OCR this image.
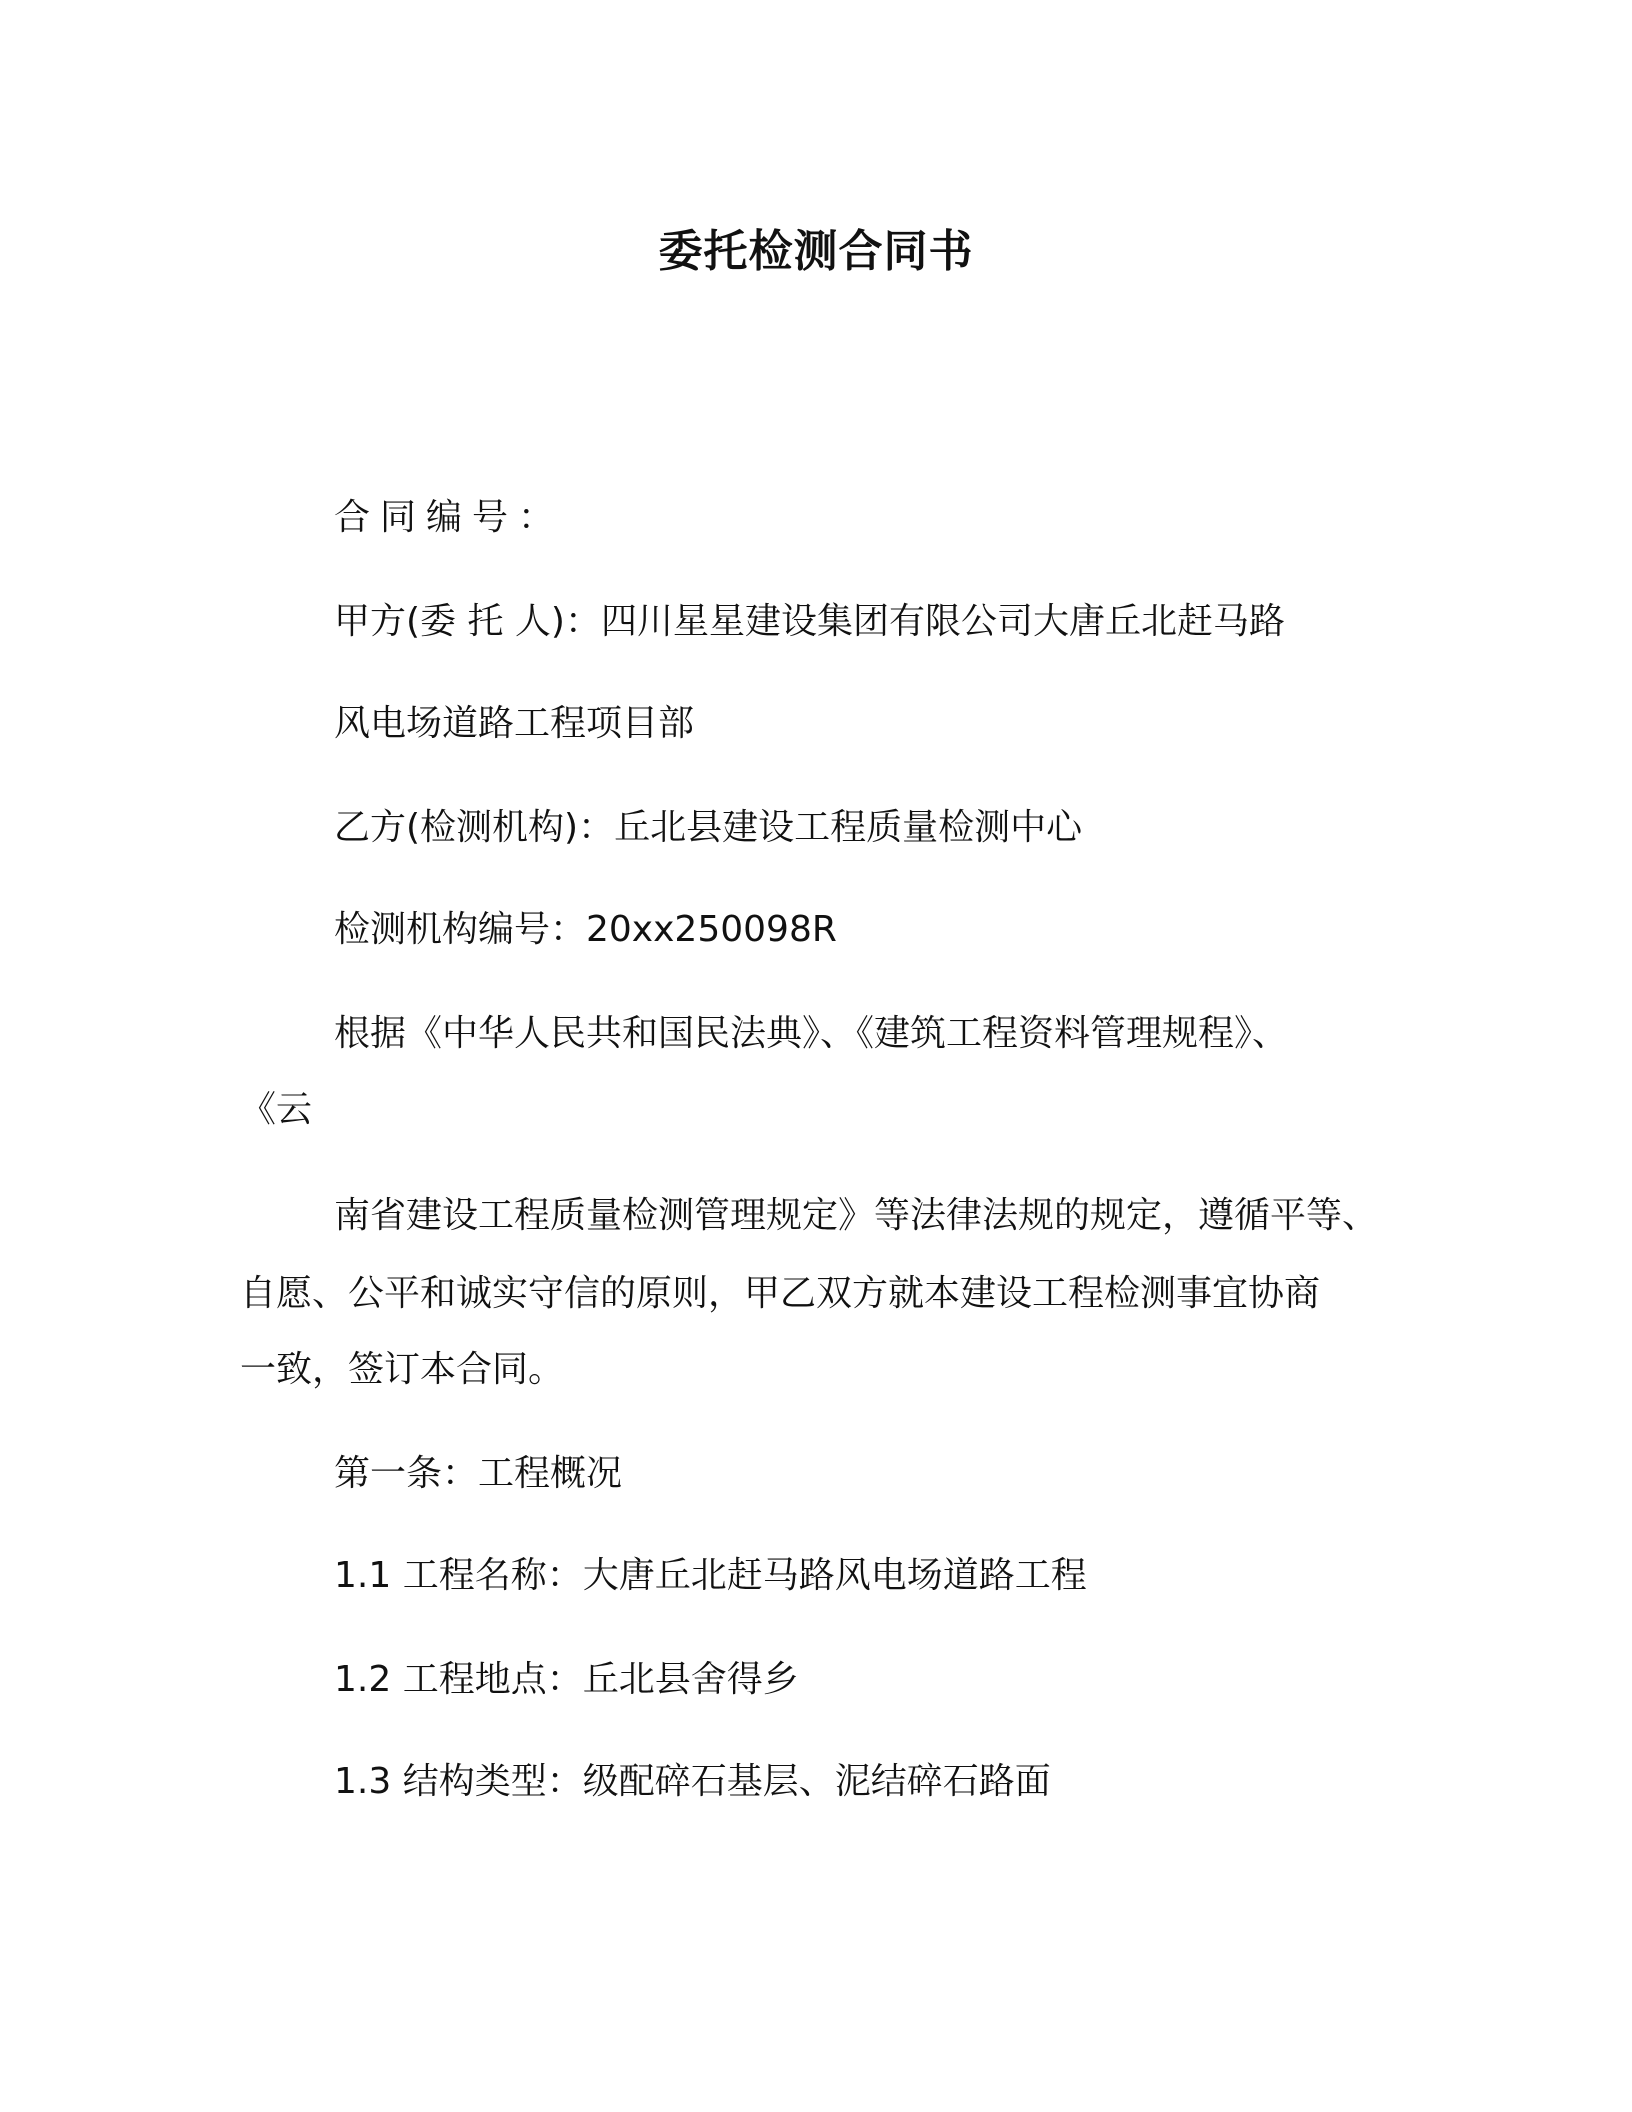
委托检测合同书
合同编号：
甲方(委 托 人)：四川星星建设集团有限公司大唐丘北赶马路
风电场道路工程项目部
乙方(检测机构)：丘北县建设工程质量检测中心
检测机构编号：20xx250098R
根据《中华人民共和国民法典》、《建筑工程资料管理规程》、
《云
南省建设工程质量检测管理规定》等法律法规的规定，遵循平等、
自愿、公平和诚实守信的原则，甲乙双方就本建设工程检测事宜协商
一致，签订本合同。
第一条：工程概况
1.1 工程名称：大唐丘北赶马路风电场道路工程
1.2 工程地点：丘北县舍得乡
1.3 结构类型：级配碎石基层、泥结碎石路面
